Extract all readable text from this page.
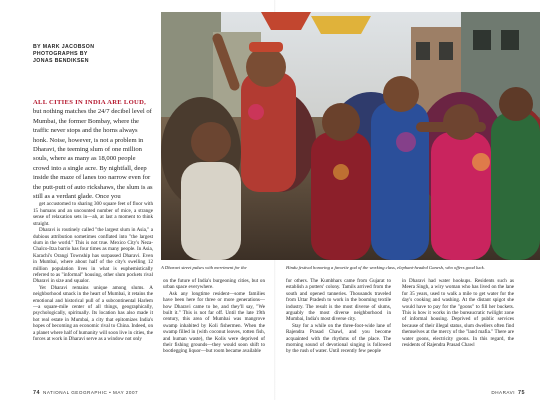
BY MARK JACOBSON
PHOTOGRAPHS BY
JONAS BENDIKSEN

ALL CITIES IN INDIA ARE LOUD, but nothing matches the 24/7 decibel level of Mumbai, the former Bombay, where the traffic never stops and the horns always honk. Noise, however, is not a problem in Dharavi, the teeming slum of one million souls, where as many as 18,000 people crowd into a single acre. By nightfall, deep inside the maze of lanes too narrow even for the putt-putt of auto rickshaws, the slum is as still as a verdant glade. Once you

get accustomed to sharing 300 square feet of floor with 15 humans and an uncounted number of mice, a strange sense of relaxation sets in—ah, at last a moment to think straight.

Dharavi is routinely called "the largest slum in Asia," a dubious attribution sometimes conflated into "the largest slum in the world." This is not true. Mexico City's Neza-Chalco-Itza barrio has four times as many people. In Asia, Karachi's Orangi Township has surpassed Dharavi. Even in Mumbai, where about half of the city's swelling 12 million population lives in what is euphemistically referred to as "informal" housing, other slum pockets rival Dharavi in size and squalor.

Yet Dharavi remains unique among slums. A neighborhood smack in the heart of Mumbai, it retains the emotional and historical pull of a subcontinental Harlem—a square-mile center of all things, geographically, psychologically, spiritually. Its location has also made it hot real estate in Mumbai, a city that epitomizes India's hopes of becoming an economic rival to China. Indeed, on a planet where half of humanity will soon live in cities, the forces at work in Dharavi serve as a window not only

A Dharavi street pulses with merriment for the	Hindu festival honoring a favorite god of the working class, elephant-headed Ganesh, who offers good luck.

on the future of India's burgeoning cities, but on urban space everywhere.

Ask any longtime resident—some families have been here for three or more generations—how Dharavi came to be, and they'll say, "We built it." This is not far off. Until the late 19th century, this area of Mumbai was mangrove swamp inhabited by Koli fishermen. When the swamp filled in (with coconut leaves, rotten fish, and human waste), the Kolis were deprived of their fishing grounds—they would soon shift to bootlegging liquor—but room became available

for others. The Kumbhars came from Gujarat to establish a potters' colony. Tamils arrived from the south and opened tanneries. Thousands traveled from Uttar Pradesh to work in the booming textile industry. The result is the most diverse of slums, arguably the most diverse neighborhood in Mumbai, India's most diverse city.

Stay for a while on the three-foot-wide lane of Rajendra Prasad Chawl, and you become acquainted with the rhythms of the place. The morning sound of devotional singing is followed by the rush of water. Until recently few people

in Dharavi had water hookups. Residents such as Meera Singh, a wiry woman who has lived on the lane for 35 years, used to walk a mile to get water for the day's cooking and washing. At the distant spigot she would have to pay for the "goons" to fill her buckets. This is how it works in the bureaucratic twilight zone of informal housing. Deprived of public services because of their illegal status, slum dwellers often find themselves at the mercy of the "land mafia." There are water goons, electricity goons. In this regard, the residents of Rajendra Prasad Chawl

74 NATIONAL GEOGRAPHIC • MAY 2007	DHARAVI 75
